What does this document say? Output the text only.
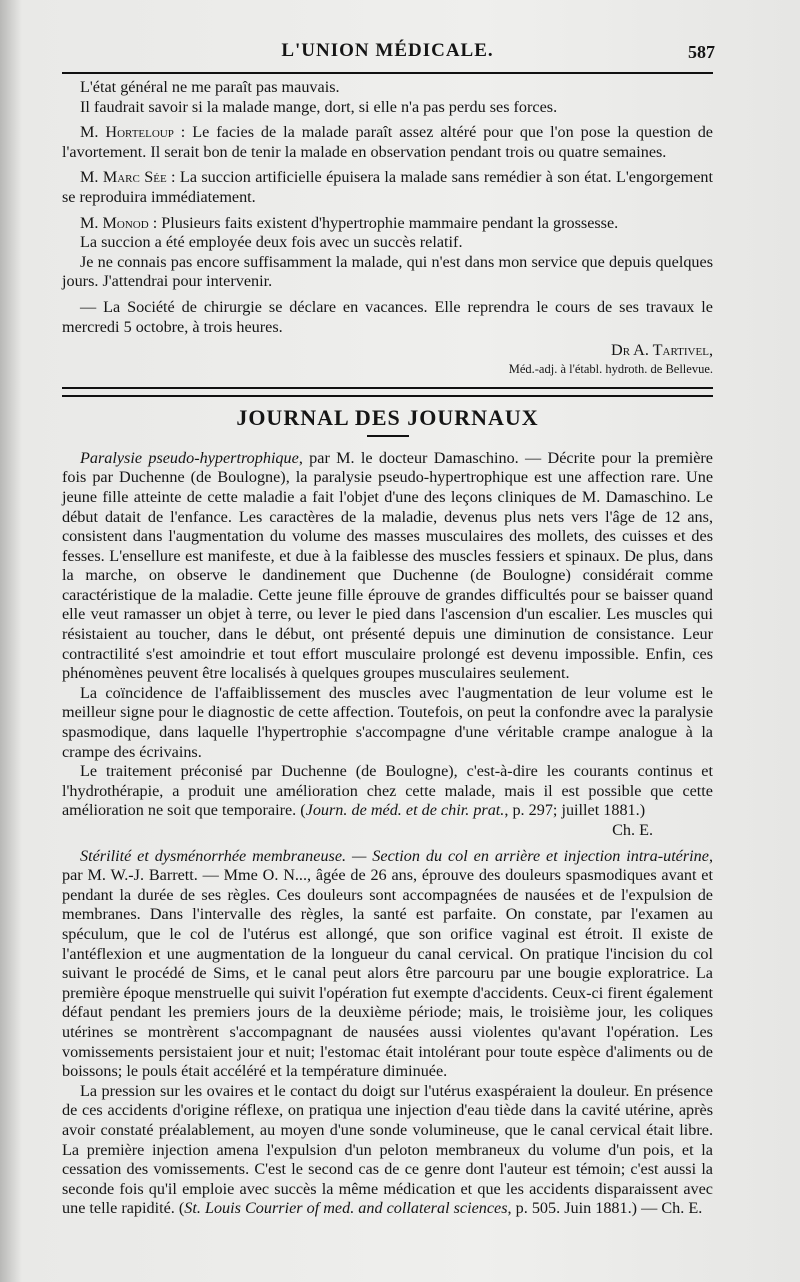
L'UNION MÉDICALE.	587

L'état général ne me paraît pas mauvais.

Il faudrait savoir si la malade mange, dort, si elle n'a pas perdu ses forces.

M. Horteloup : Le facies de la malade paraît assez altéré pour que l'on pose la question de l'avortement. Il serait bon de tenir la malade en observation pendant trois ou quatre semaines.

M. Marc Sée : La succion artificielle épuisera la malade sans remédier à son état. L'engorgement se reproduira immédiatement.

M. Monod : Plusieurs faits existent d'hypertrophie mammaire pendant la grossesse.

La succion a été employée deux fois avec un succès relatif.

Je ne connais pas encore suffisamment la malade, qui n'est dans mon service que depuis quelques jours. J'attendrai pour intervenir.

— La Société de chirurgie se déclare en vacances. Elle reprendra le cours de ses travaux le mercredi 5 octobre, à trois heures.

Dr A. Tartivel,

Méd.-adj. à l'établ. hydroth. de Bellevue.

JOURNAL DES JOURNAUX

Paralysie pseudo-hypertrophique, par M. le docteur Damaschino. — Décrite pour la première fois par Duchenne (de Boulogne), la paralysie pseudo-hypertrophique est une affection rare. Une jeune fille atteinte de cette maladie a fait l'objet d'une des leçons cliniques de M. Damaschino. Le début datait de l'enfance. Les caractères de la maladie, devenus plus nets vers l'âge de 12 ans, consistent dans l'augmentation du volume des masses musculaires des mollets, des cuisses et des fesses. L'ensellure est manifeste, et due à la faiblesse des muscles fessiers et spinaux. De plus, dans la marche, on observe le dandinement que Duchenne (de Boulogne) considérait comme caractéristique de la maladie. Cette jeune fille éprouve de grandes difficultés pour se baisser quand elle veut ramasser un objet à terre, ou lever le pied dans l'ascension d'un escalier. Les muscles qui résistaient au toucher, dans le début, ont présenté depuis une diminution de consistance. Leur contractilité s'est amoindrie et tout effort musculaire prolongé est devenu impossible. Enfin, ces phénomènes peuvent être localisés à quelques groupes musculaires seulement.

La coïncidence de l'affaiblissement des muscles avec l'augmentation de leur volume est le meilleur signe pour le diagnostic de cette affection. Toutefois, on peut la confondre avec la paralysie spasmodique, dans laquelle l'hypertrophie s'accompagne d'une véritable crampe analogue à la crampe des écrivains.

Le traitement préconisé par Duchenne (de Boulogne), c'est-à-dire les courants continus et l'hydrothérapie, a produit une amélioration chez cette malade, mais il est possible que cette amélioration ne soit que temporaire. (Journ. de méd. et de chir. prat., p. 297; juillet 1881.)

Ch. E.

Stérilité et dysménorrhée membraneuse. — Section du col en arrière et injection intra-utérine, par M. W.-J. Barrett. — Mme O. N..., âgée de 26 ans, éprouve des douleurs spasmodiques avant et pendant la durée de ses règles. Ces douleurs sont accompagnées de nausées et de l'expulsion de membranes. Dans l'intervalle des règles, la santé est parfaite. On constate, par l'examen au spéculum, que le col de l'utérus est allongé, que son orifice vaginal est étroit. Il existe de l'antéflexion et une augmentation de la longueur du canal cervical. On pratique l'incision du col suivant le procédé de Sims, et le canal peut alors être parcouru par une bougie exploratrice. La première époque menstruelle qui suivit l'opération fut exempte d'accidents. Ceux-ci firent également défaut pendant les premiers jours de la deuxième période; mais, le troisième jour, les coliques utérines se montrèrent s'accompagnant de nausées aussi violentes qu'avant l'opération. Les vomissements persistaient jour et nuit; l'estomac était intolérant pour toute espèce d'aliments ou de boissons; le pouls était accéléré et la température diminuée.

La pression sur les ovaires et le contact du doigt sur l'utérus exaspéraient la douleur. En présence de ces accidents d'origine réflexe, on pratiqua une injection d'eau tiède dans la cavité utérine, après avoir constaté préalablement, au moyen d'une sonde volumineuse, que le canal cervical était libre. La première injection amena l'expulsion d'un peloton membraneux du volume d'un pois, et la cessation des vomissements. C'est le second cas de ce genre dont l'auteur est témoin; c'est aussi la seconde fois qu'il emploie avec succès la même médication et que les accidents disparaissent avec une telle rapidité. (St. Louis Courrier of med. and collateral sciences, p. 505. Juin 1881.) — Ch. E.
